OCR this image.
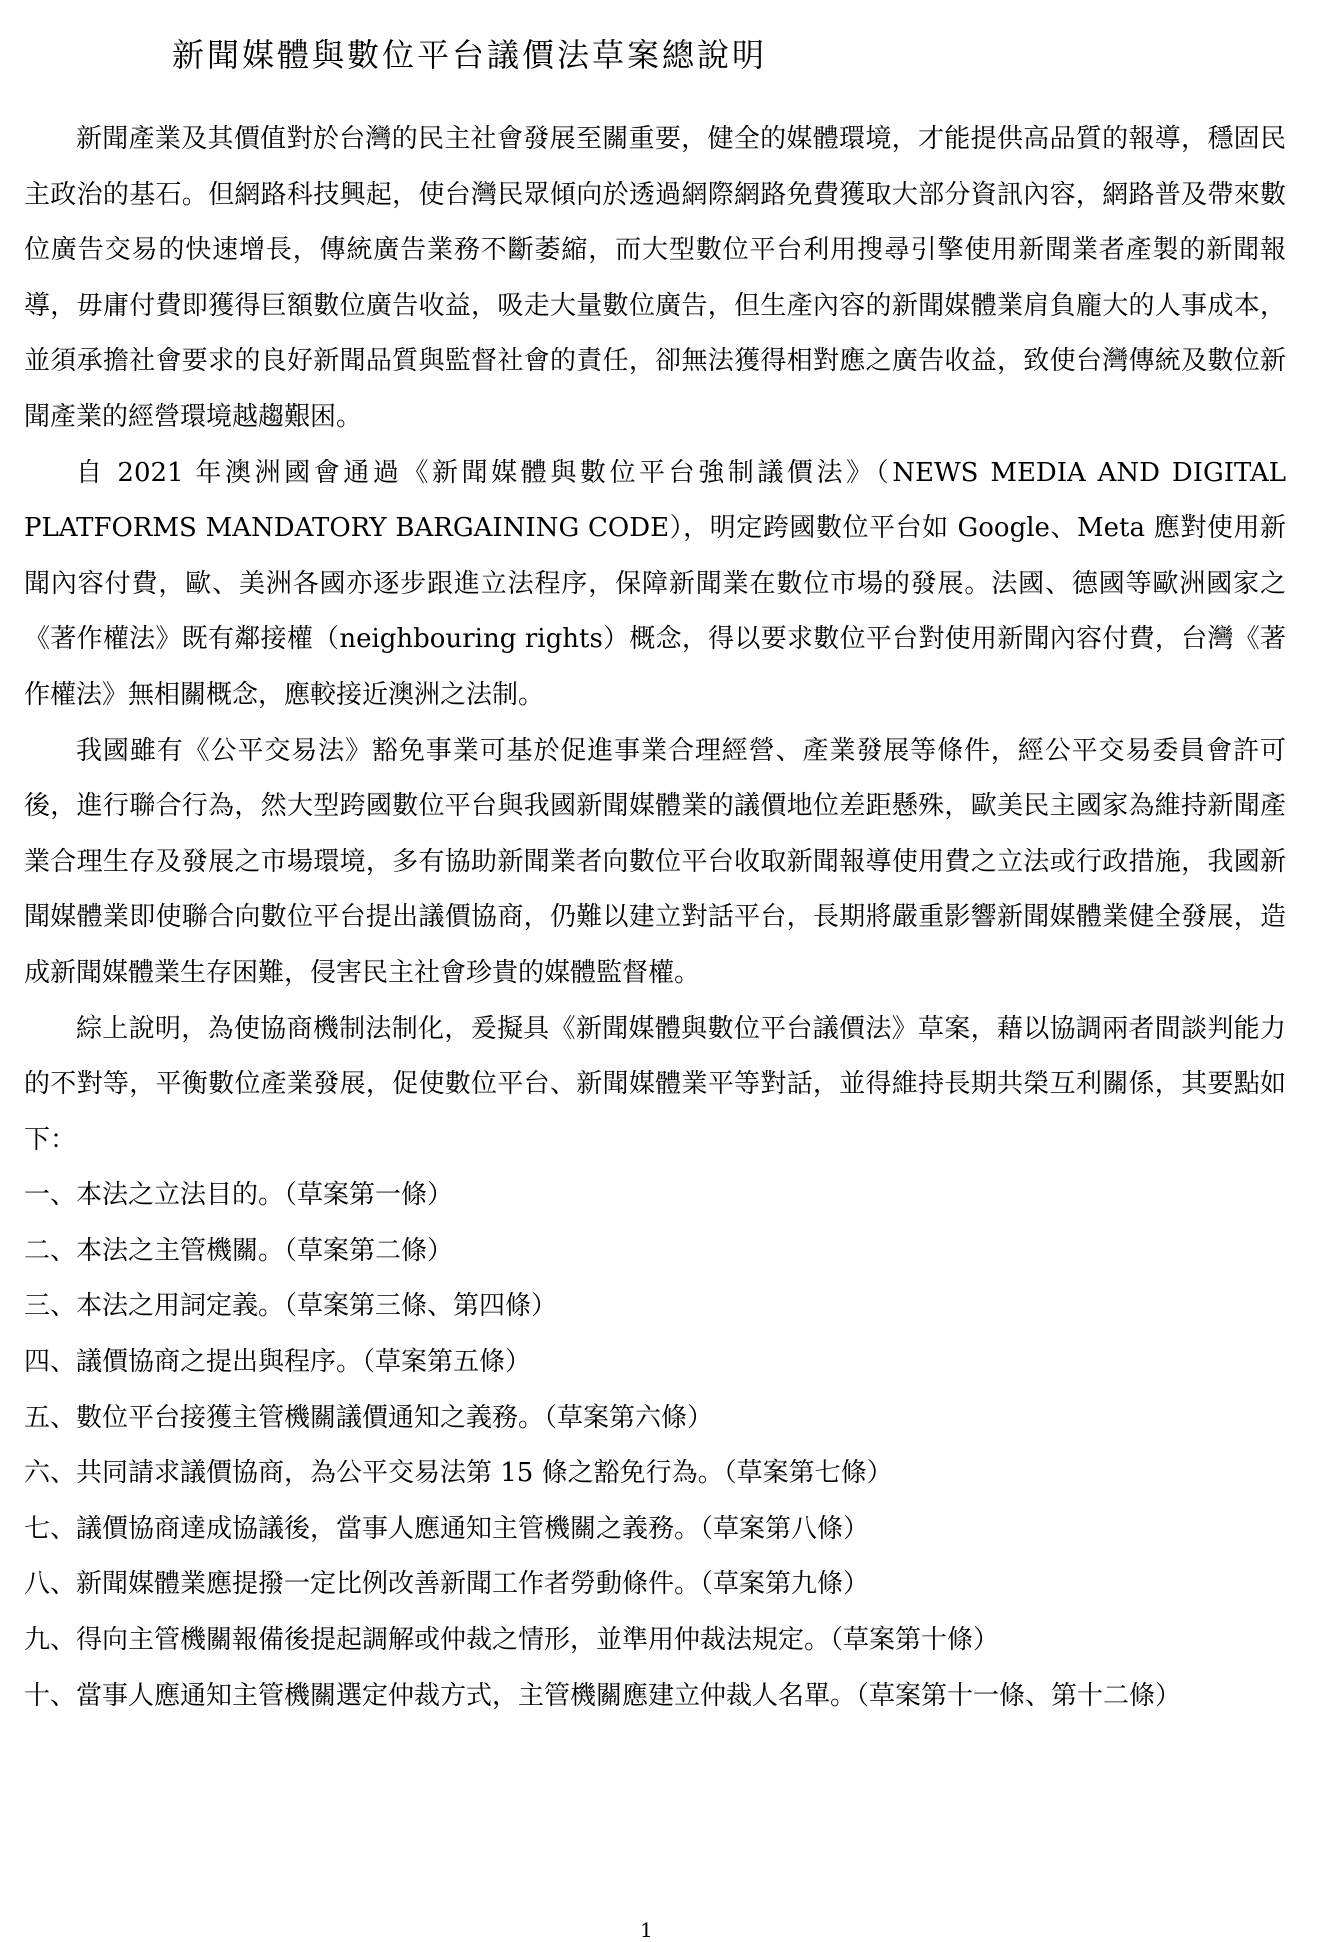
新聞媒體與數位平台議價法草案總說明

新聞產業及其價值對於台灣的民主社會發展至關重要，健全的媒體環境，才能提供高品質的報導，穩固民主政治的基石。但網路科技興起，使台灣民眾傾向於透過網際網路免費獲取大部分資訊內容，網路普及帶來數位廣告交易的快速增長，傳統廣告業務不斷萎縮，而大型數位平台利用搜尋引擎使用新聞業者產製的新聞報導，毋庸付費即獲得巨額數位廣告收益，吸走大量數位廣告，但生產內容的新聞媒體業肩負龐大的人事成本，並須承擔社會要求的良好新聞品質與監督社會的責任，卻無法獲得相對應之廣告收益，致使台灣傳統及數位新聞產業的經營環境越趨艱困。

自 2021 年澳洲國會通過《新聞媒體與數位平台強制議價法》（NEWS MEDIA AND DIGITAL PLATFORMS MANDATORY BARGAINING CODE），明定跨國數位平台如 Google、Meta 應對使用新聞內容付費，歐、美洲各國亦逐步跟進立法程序，保障新聞業在數位市場的發展。法國、德國等歐洲國家之《著作權法》既有鄰接權（neighbouring rights）概念，得以要求數位平台對使用新聞內容付費，台灣《著作權法》無相關概念，應較接近澳洲之法制。

我國雖有《公平交易法》豁免事業可基於促進事業合理經營、產業發展等條件，經公平交易委員會許可後，進行聯合行為，然大型跨國數位平台與我國新聞媒體業的議價地位差距懸殊，歐美民主國家為維持新聞產業合理生存及發展之市場環境，多有協助新聞業者向數位平台收取新聞報導使用費之立法或行政措施，我國新聞媒體業即使聯合向數位平台提出議價協商，仍難以建立對話平台，長期將嚴重影響新聞媒體業健全發展，造成新聞媒體業生存困難，侵害民主社會珍貴的媒體監督權。

綜上說明，為使協商機制法制化，爰擬具《新聞媒體與數位平台議價法》草案，藉以協調兩者間談判能力的不對等，平衡數位產業發展，促使數位平台、新聞媒體業平等對話，並得維持長期共榮互利關係，其要點如下：

一、本法之立法目的。（草案第一條）
二、本法之主管機關。（草案第二條）
三、本法之用詞定義。（草案第三條、第四條）
四、議價協商之提出與程序。（草案第五條）
五、數位平台接獲主管機關議價通知之義務。（草案第六條）
六、共同請求議價協商，為公平交易法第 15 條之豁免行為。（草案第七條）
七、議價協商達成協議後，當事人應通知主管機關之義務。（草案第八條）
八、新聞媒體業應提撥一定比例改善新聞工作者勞動條件。（草案第九條）
九、得向主管機關報備後提起調解或仲裁之情形，並準用仲裁法規定。（草案第十條）
十、當事人應通知主管機關選定仲裁方式，主管機關應建立仲裁人名單。（草案第十一條、第十二條）
1
